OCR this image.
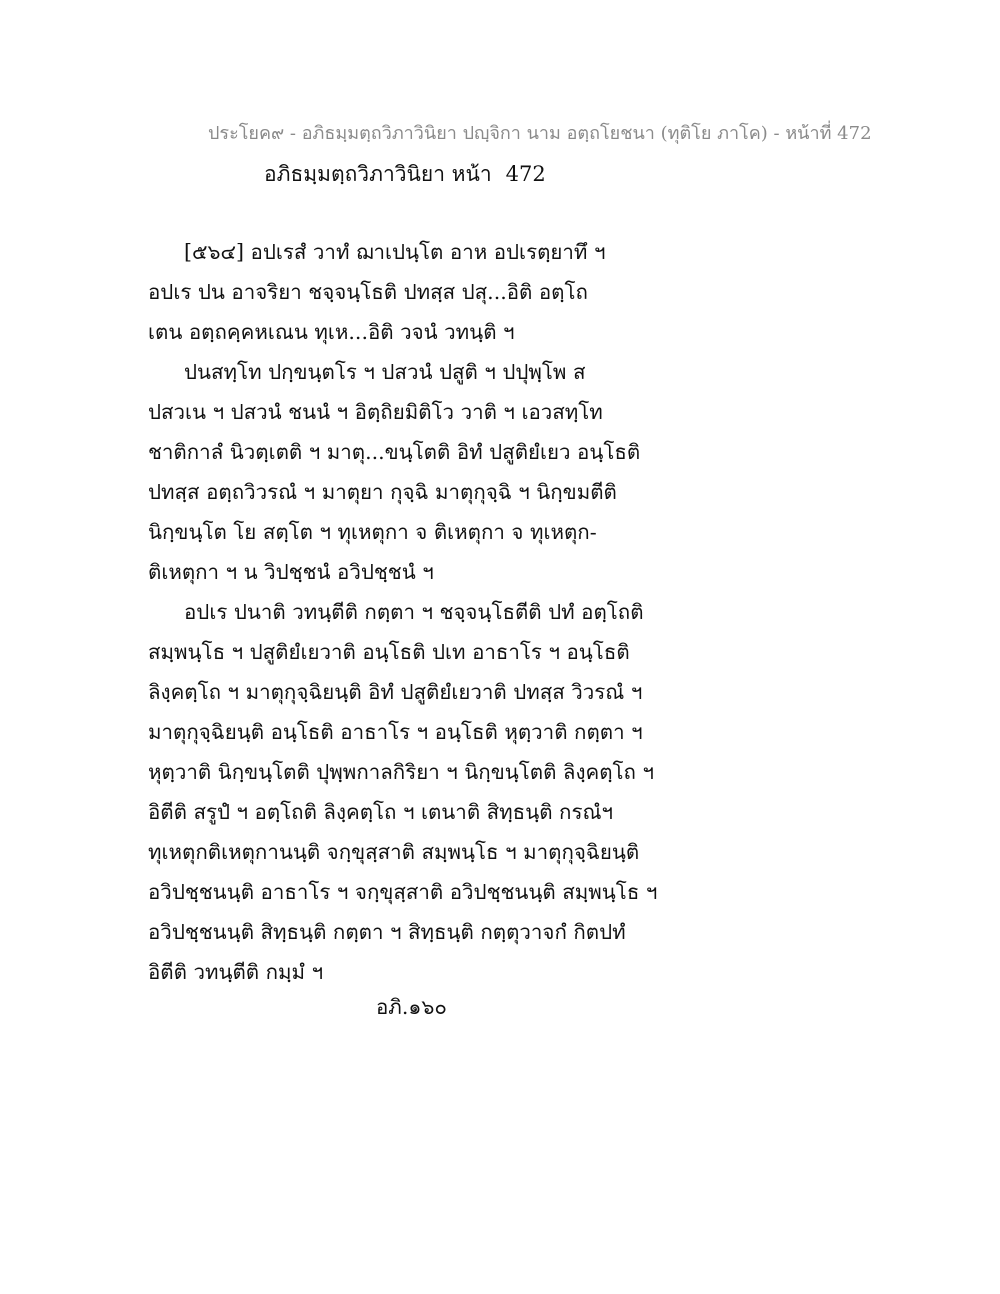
ประโยค๙ - อภิธมฺมตฺถวิภาวินิยา ปญฺจิกา นาม อตฺถโยชนา (ทุติโย ภาโค) - หน้าที่ 472
อภิธมฺมตฺถวิภาวินิยา หน้า 472
[๕๖๔] อปเรสํ วาทํ ฌาเปนฺโต อาห อปเรตฺยาทึ ฯ
อปเร ปน อาจริยา ชจฺจนฺโธติ ปทสฺส ปสุ...อิติ อตฺโถ
เตน อตฺถคฺคหเณน ทุเห...อิติ วจนํ วทนฺติ ฯ
ปนสทฺโท ปกฺขนฺตโร ฯ ปสวนํ ปสูติ ฯ ปปุพฺโพ ส
ปสวเน ฯ ปสวนํ ชนนํ ฯ อิตฺถิยมิติโว วาติ ฯ เอวสทฺโท
ชาติกาลํ นิวตฺเตติ ฯ มาตุ...ขนฺโตติ อิทํ ปสูติยํเยว อนฺโธติ
ปทสฺส อตฺถวิวรณํ ฯ มาตุยา กุจฺฉิ มาตุกุจฺฉิ ฯ นิกฺขมตีติ
นิกฺขนฺโต โย สตฺโต ฯ ทุเหตุกา จ ติเหตุกา จ ทุเหตุก-
ติเหตุกา ฯ น วิปชฺชนํ อวิปชฺชนํ ฯ
อปเร ปนาติ วทนฺตีติ กตฺตา ฯ ชจฺจนฺโธตีติ ปทํ อตฺโถติ
สมฺพนฺโธ ฯ ปสูติยํเยวาติ อนฺโธติ ปเท อาธาโร ฯ อนฺโธติ
ลิงฺคตฺโถ ฯ มาตุกุจฺฉิยนฺติ อิทํ ปสูติยํเยวาติ ปทสฺส วิวรณํ ฯ
มาตุกุจฺฉิยนฺติ อนฺโธติ อาธาโร ฯ อนฺโธติ หุตฺวาติ กตฺตา ฯ
หุตฺวาติ นิกฺขนฺโตติ ปุพฺพกาลกิริยา ฯ นิกฺขนฺโตติ ลิงฺคตฺโถ ฯ
อิตีติ สรูปํ ฯ อตฺโถติ ลิงฺคตฺโถ ฯ เตนาติ สิทฺธนฺติ กรณํฯ
ทุเหตุกติเหตุกานนฺติ จกฺขุสฺสาติ สมฺพนฺโธ ฯ มาตุกุจฺฉิยนฺติ
อวิปชฺชนนฺติ อาธาโร ฯ จกฺขุสฺสาติ อวิปชฺชนนฺติ สมฺพนฺโธ ฯ
อวิปชฺชนนฺติ สิทฺธนฺติ กตฺตา ฯ สิทฺธนฺติ กตฺตุวาจกํ กิตปทํ
อิตีติ วทนฺตีติ กมฺมํ ฯ
อภิ.๑๖๐
